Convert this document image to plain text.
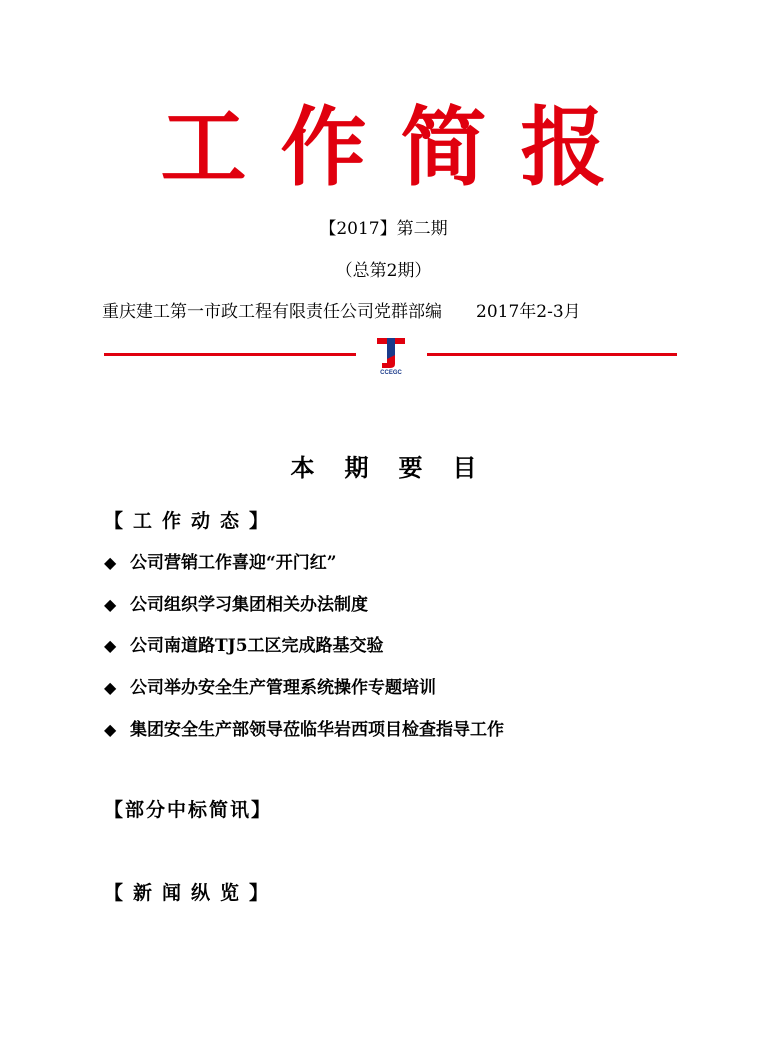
工作简报
【2017】第二期
（总第2期）
重庆建工第一市政工程有限责任公司党群部编 2017年2-3月
CCEGC
本期要目
【工作动态】
◆ 公司营销工作喜迎“开门红”
◆ 公司组织学习集团相关办法制度
◆ 公司南道路TJ5工区完成路基交验
◆ 公司举办安全生产管理系统操作专题培训
◆ 集团安全生产部领导莅临华岩西项目检查指导工作
【部分中标简讯】
【新闻纵览】
